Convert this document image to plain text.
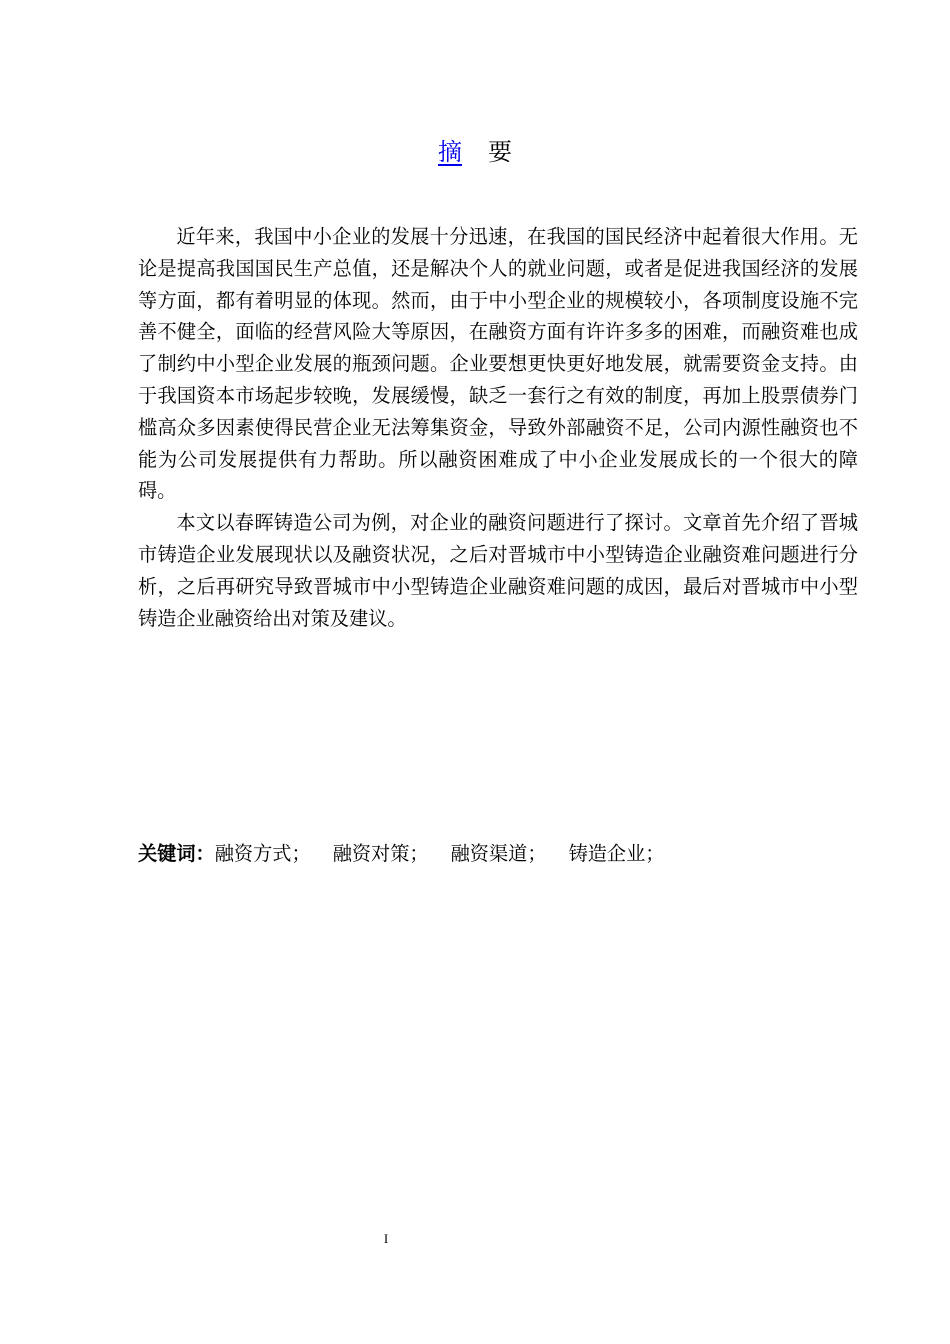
摘 要

近年来，我国中小企业的发展十分迅速，在我国的国民经济中起着很大作用。无论是提高我国国民生产总值，还是解决个人的就业问题，或者是促进我国经济的发展等方面，都有着明显的体现。然而，由于中小型企业的规模较小，各项制度设施不完善不健全，面临的经营风险大等原因，在融资方面有许许多多的困难，而融资难也成了制约中小型企业发展的瓶颈问题。企业要想更快更好地发展，就需要资金支持。由于我国资本市场起步较晚，发展缓慢，缺乏一套行之有效的制度，再加上股票债券门槛高众多因素使得民营企业无法筹集资金，导致外部融资不足，公司内源性融资也不能为公司发展提供有力帮助。所以融资困难成了中小企业发展成长的一个很大的障碍。

本文以春晖铸造公司为例，对企业的融资问题进行了探讨。文章首先介绍了晋城市铸造企业发展现状以及融资状况，之后对晋城市中小型铸造企业融资难问题进行分析，之后再研究导致晋城市中小型铸造企业融资难问题的成因，最后对晋城市中小型铸造企业融资给出对策及建议。

关键词：融资方式； 融资对策； 融资渠道； 铸造企业；
I
